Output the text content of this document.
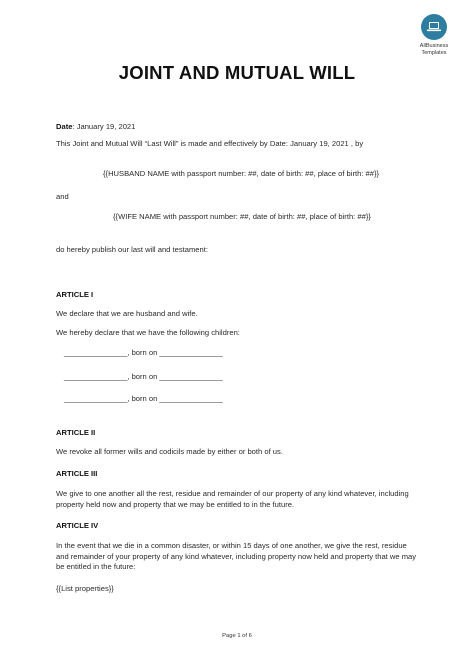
AllBusiness
Templates
JOINT AND MUTUAL WILL
Date: January 19, 2021
This Joint and Mutual Will “Last Will” is made and effectively by Date: January 19, 2021 , by
{{HUSBAND NAME with passport number: ##, date of birth: ##, place of birth: ##}}
and
{{WIFE NAME with passport number: ##, date of birth: ##, place of birth: ##}}
do hereby publish our last will and testament:
ARTICLE I
We declare that we are husband and wife.
We hereby declare that we have the following children:
_______________, born on _______________
_______________, born on _______________
_______________, born on _______________
ARTICLE II
We revoke all former wills and codicils made by either or both of us.
ARTICLE III
We give to one another all the rest, residue and remainder of our property of any kind whatever, including property held now and property that we may be entitled to in the future.
ARTICLE IV
In the event that we die in a common disaster, or within 15 days of one another, we give the rest, residue and remainder of your property of any kind whatever, including property now held and property that we may be entitled in the future:
{{List properties}}
Page 1 of 6
